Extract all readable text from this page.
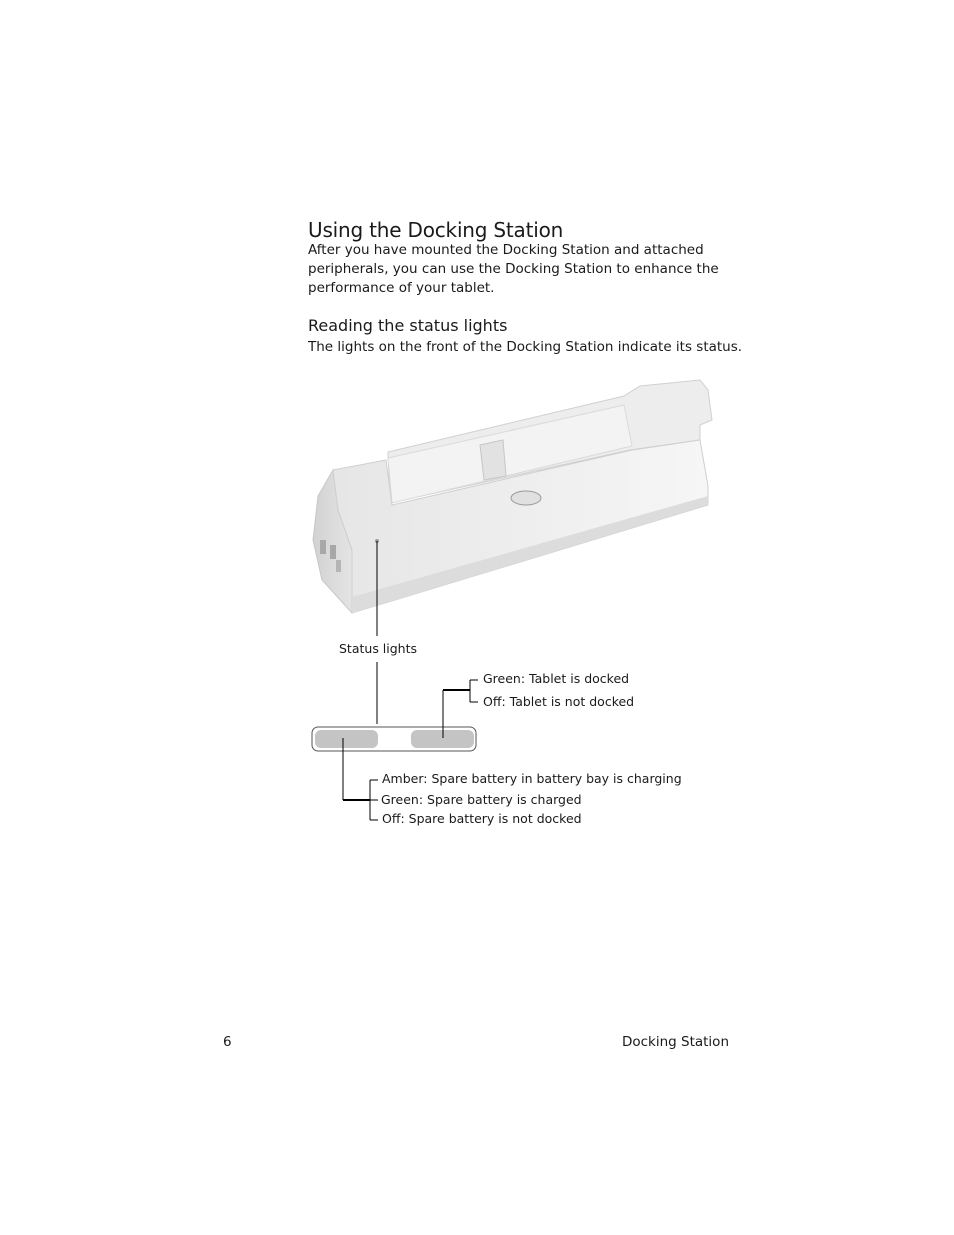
Using the Docking Station

After you have mounted the Docking Station and attached peripherals, you can use the Docking Station to enhance the performance of your tablet.

Reading the status lights

The lights on the front of the Docking Station indicate its status.

Status lights
Green: Tablet is docked
Off: Tablet is not docked
Amber: Spare battery in battery bay is charging
Green: Spare battery is charged
Off: Spare battery is not docked
6	Docking Station
